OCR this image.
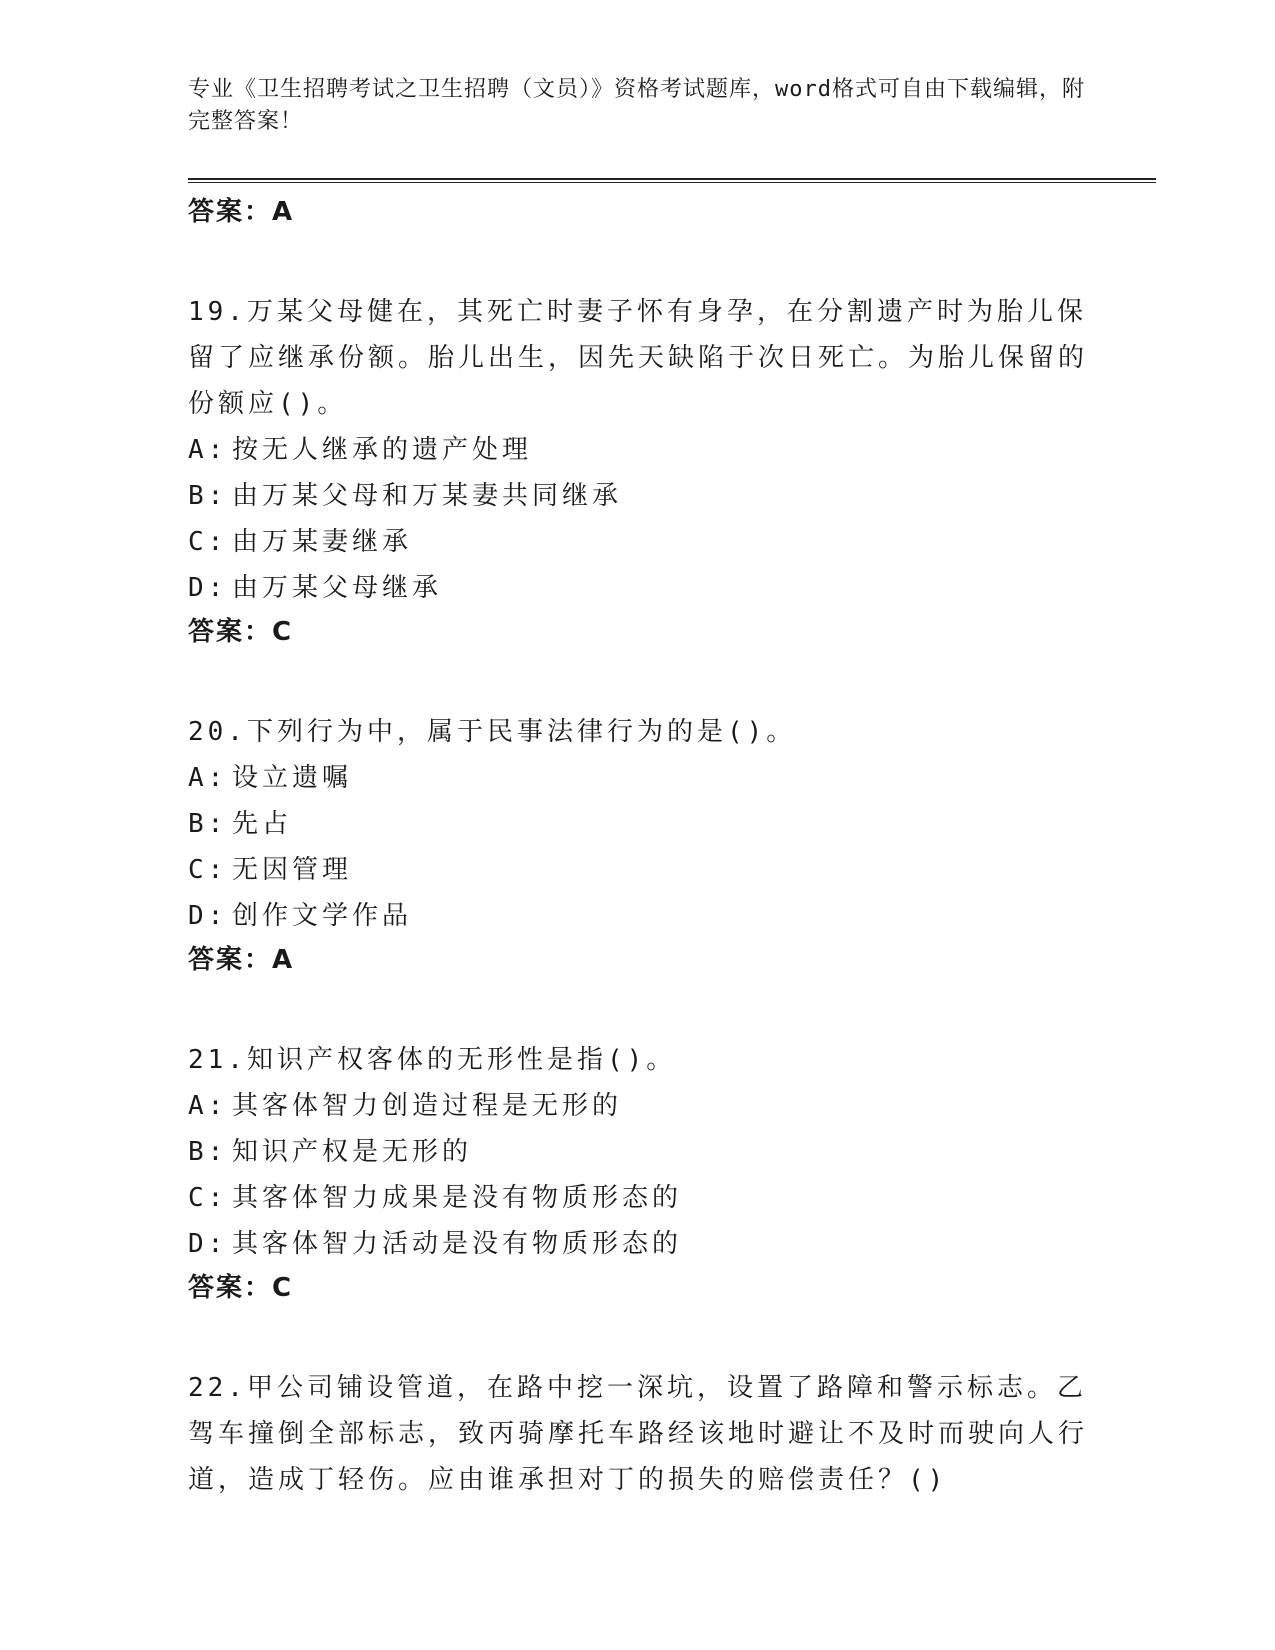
专业《卫生招聘考试之卫生招聘（文员）》资格考试题库，word格式可自由下载编辑，附完整答案！
答案：A
19.万某父母健在，其死亡时妻子怀有身孕，在分割遗产时为胎儿保留了应继承份额。胎儿出生，因先天缺陷于次日死亡。为胎儿保留的份额应()。
A: 按无人继承的遗产处理
B: 由万某父母和万某妻共同继承
C: 由万某妻继承
D: 由万某父母继承
答案：C
20.下列行为中，属于民事法律行为的是()。
A: 设立遗嘱
B: 先占
C: 无因管理
D: 创作文学作品
答案：A
21.知识产权客体的无形性是指()。
A: 其客体智力创造过程是无形的
B: 知识产权是无形的
C: 其客体智力成果是没有物质形态的
D: 其客体智力活动是没有物质形态的
答案：C
22.甲公司铺设管道，在路中挖一深坑，设置了路障和警示标志。乙驾车撞倒全部标志，致丙骑摩托车路经该地时避让不及时而驶向人行道，造成丁轻伤。应由谁承担对丁的损失的赔偿责任？()
